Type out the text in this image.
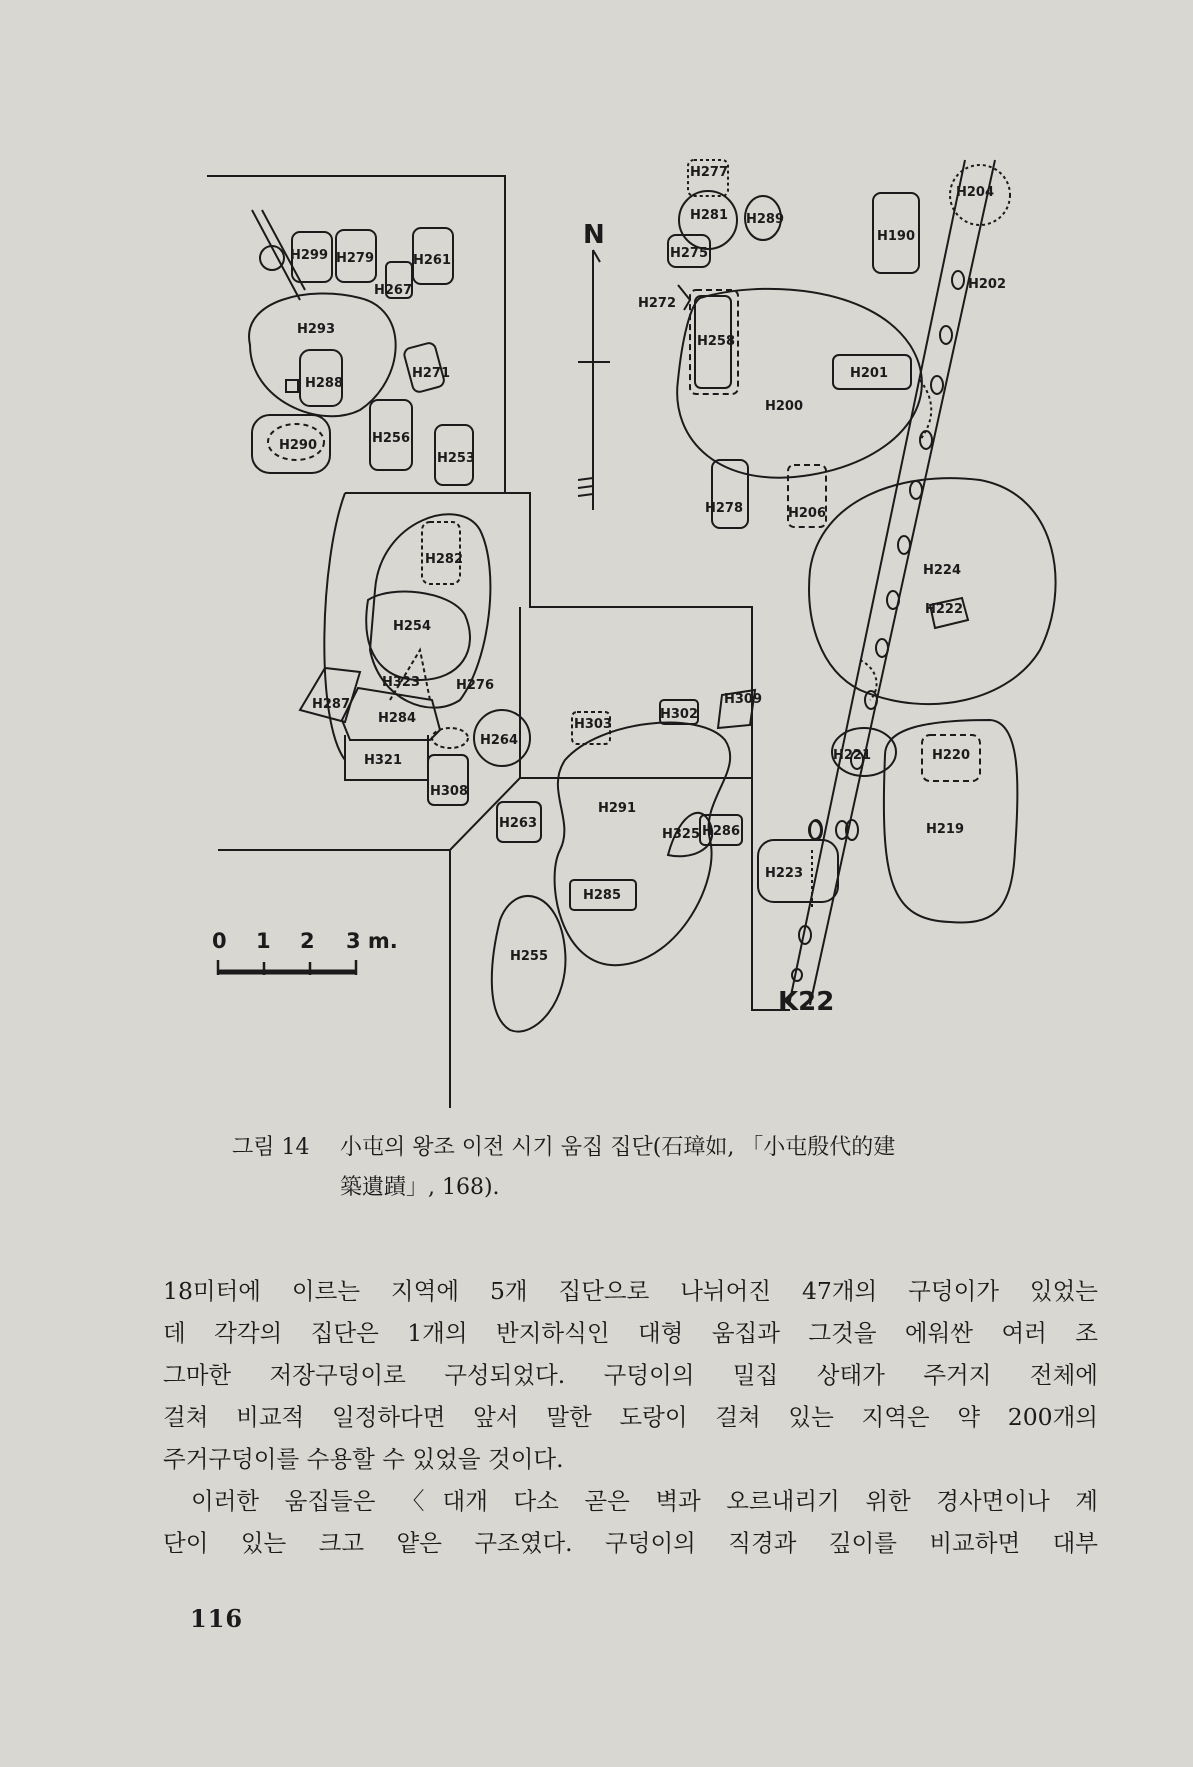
N
K22
H277
H281 H289
H275
H272
H258
H200
H201
H190
H204
H202
H299 H279	H261
H267
H293
H288
H271
H290	H256
H253
H278	H206
H282
H254
H323	H276
H287
H284
H264
H321
H308
H303
H302
H309
H263
H291
H325 H286
H285
H255
H224
H222
H221	H220
H219
H223
0 1 2 3 m.
그림 14 小屯의 왕조 이전 시기 움집 집단(石璋如, 「小屯殷代的建
築遺蹟」, 168).

18미터에 이르는 지역에 5개 집단으로 나뉘어진 47개의 구덩이가 있었는

데 각각의 집단은 1개의 반지하식인 대형 움집과 그것을 에워싼 여러 조

그마한 저장구덩이로 구성되었다. 구덩이의 밀집 상태가 주거지 전체에

걸쳐 비교적 일정하다면 앞서 말한 도랑이 걸쳐 있는 지역은 약 200개의

주거구덩이를 수용할 수 있었을 것이다.

이러한 움집들은 〈대개 다소 곧은 벽과 오르내리기 위한 경사면이나 계

단이 있는 크고 얕은 구조였다. 구덩이의 직경과 깊이를 비교하면 대부

116
